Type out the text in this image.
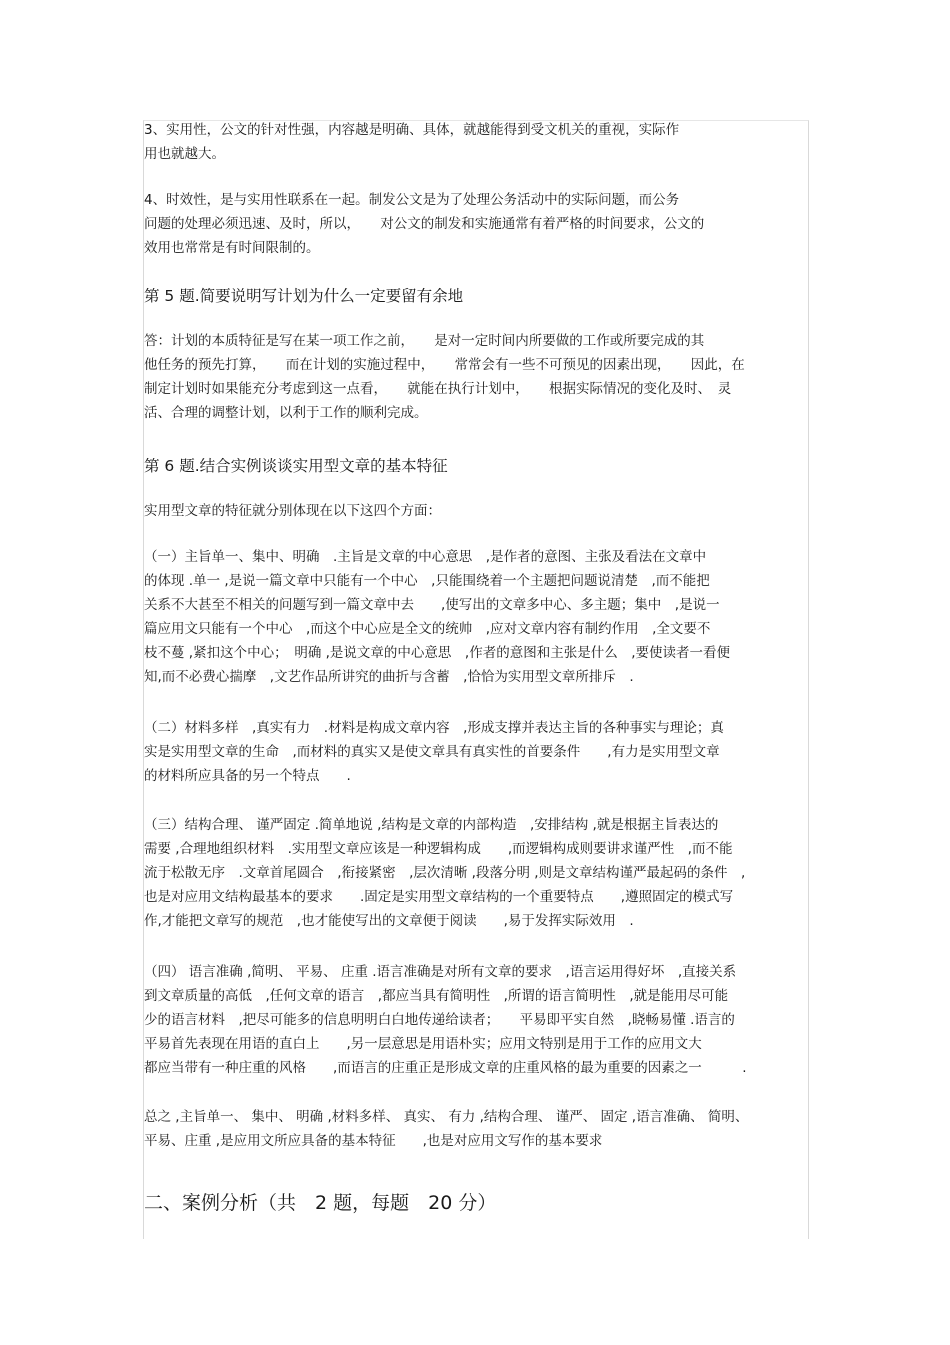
3、实用性，公文的针对性强，内容越是明确、具体，就越能得到受文机关的重视，实际作
用也就越大。
4、时效性，是与实用性联系在一起。制发公文是为了处理公务活动中的实际问题，而公务
问题的处理必须迅速、及时，所以，　　对公文的制发和实施通常有着严格的时间要求，公文的
效用也常常是有时间限制的。
第 5 题.简要说明写计划为什么一定要留有余地
答：计划的本质特征是写在某一项工作之前，　　是对一定时间内所要做的工作或所要完成的其
他任务的预先打算，　　而在计划的实施过程中，　　常常会有一些不可预见的因素出现，　　因此，在
制定计划时如果能充分考虑到这一点看，　　就能在执行计划中，　　根据实际情况的变化及时、　灵
活、合理的调整计划，以利于工作的顺利完成。
第 6 题.结合实例谈谈实用型文章的基本特征
实用型文章的特征就分别体现在以下这四个方面：
（一）主旨单一、集中、明确　.主旨是文章的中心意思　,是作者的意图、主张及看法在文章中
的体现 .单一 ,是说一篇文章中只能有一个中心　,只能围绕着一个主题把问题说清楚　,而不能把
关系不大甚至不相关的问题写到一篇文章中去　　,使写出的文章多中心、多主题；集中　,是说一
篇应用文只能有一个中心　,而这个中心应是全文的统帅　,应对文章内容有制约作用　,全文要不
枝不蔓 ,紧扣这个中心；　明确 ,是说文章的中心意思　,作者的意图和主张是什么　,要使读者一看便
知,而不必费心揣摩　,文艺作品所讲究的曲折与含蓄　,恰恰为实用型文章所排斥　.
（二）材料多样　,真实有力　.材料是构成文章内容　,形成支撑并表达主旨的各种事实与理论；真
实是实用型文章的生命　,而材料的真实又是使文章具有真实性的首要条件　　,有力是实用型文章
的材料所应具备的另一个特点　　.
（三）结构合理、 谨严固定 .简单地说 ,结构是文章的内部构造　,安排结构 ,就是根据主旨表达的
需要 ,合理地组织材料　.实用型文章应该是一种逻辑构成　　,而逻辑构成则要讲求谨严性　,而不能
流于松散无序　.文章首尾圆合　,衔接紧密　,层次清晰 ,段落分明 ,则是文章结构谨严最起码的条件　,
也是对应用文结构最基本的要求　　.固定是实用型文章结构的一个重要特点　　,遵照固定的模式写
作,才能把文章写的规范　,也才能使写出的文章便于阅读　　,易于发挥实际效用　.
（四） 语言准确 ,简明、 平易、 庄重 .语言准确是对所有文章的要求　,语言运用得好坏　,直接关系
到文章质量的高低　,任何文章的语言　,都应当具有简明性　,所谓的语言简明性　,就是能用尽可能
少的语言材料　,把尽可能多的信息明明白白地传递给读者；　　平易即平实自然　,晓畅易懂 .语言的
平易首先表现在用语的直白上　　,另一层意思是用语朴实；应用文特别是用于工作的应用文大
都应当带有一种庄重的风格　　,而语言的庄重正是形成文章的庄重风格的最为重要的因素之一　　　.
总之 ,主旨单一、 集中、 明确 ,材料多样、 真实、 有力 ,结构合理、 谨严、 固定 ,语言准确、 简明、
平易、庄重 ,是应用文所应具备的基本特征　　,也是对应用文写作的基本要求
二、案例分析（共　2 题，每题　20 分）
